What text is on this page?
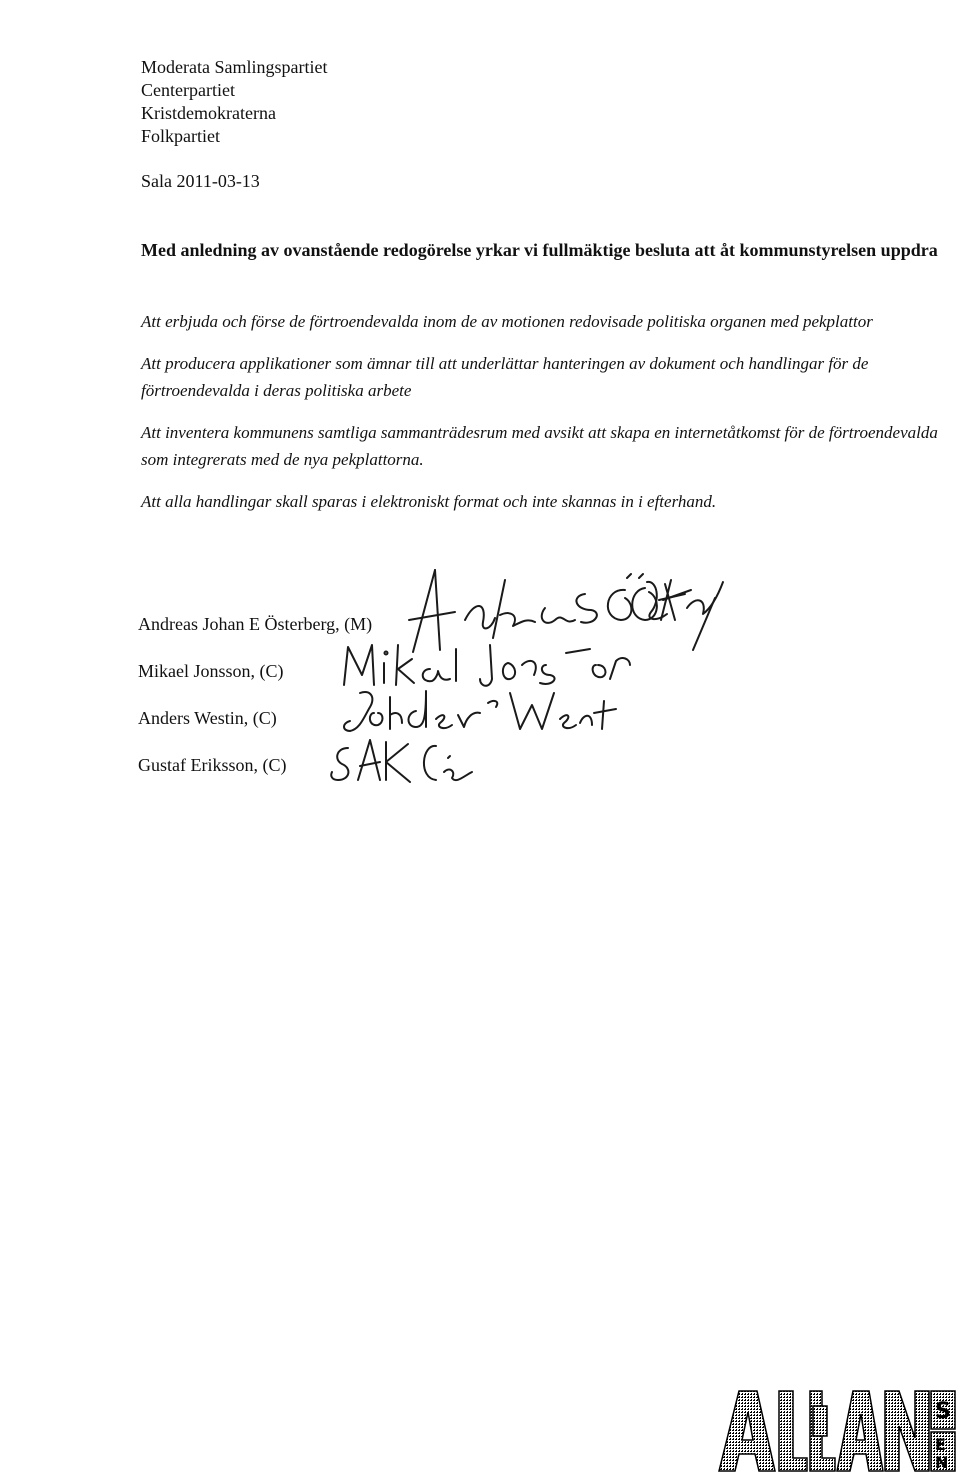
Moderata Samlingspartiet
Centerpartiet
Kristdemokraterna
Folkpartiet
Sala 2011-03-13
Med anledning av ovanstående redogörelse yrkar vi fullmäktige besluta att åt kommunstyrelsen uppdra
Att erbjuda och förse de förtroendevalda inom de av motionen redovisade politiska organen med pekplattor
Att producera applikationer som ämnar till att underlättar hanteringen av dokument och handlingar för de förtroendevalda i deras politiska arbete
Att inventera kommunens samtliga sammanträdesrum med avsikt att skapa en internetåtkomst för de förtroendevalda som integrerats med de nya pekplattorna.
Att alla handlingar skall sparas i elektroniskt format och inte skannas in i efterhand.
Andreas Johan E Österberg, (M)
Mikael Jonsson, (C)
Anders Westin, (C)
Gustaf Eriksson, (C)
S
E
N
